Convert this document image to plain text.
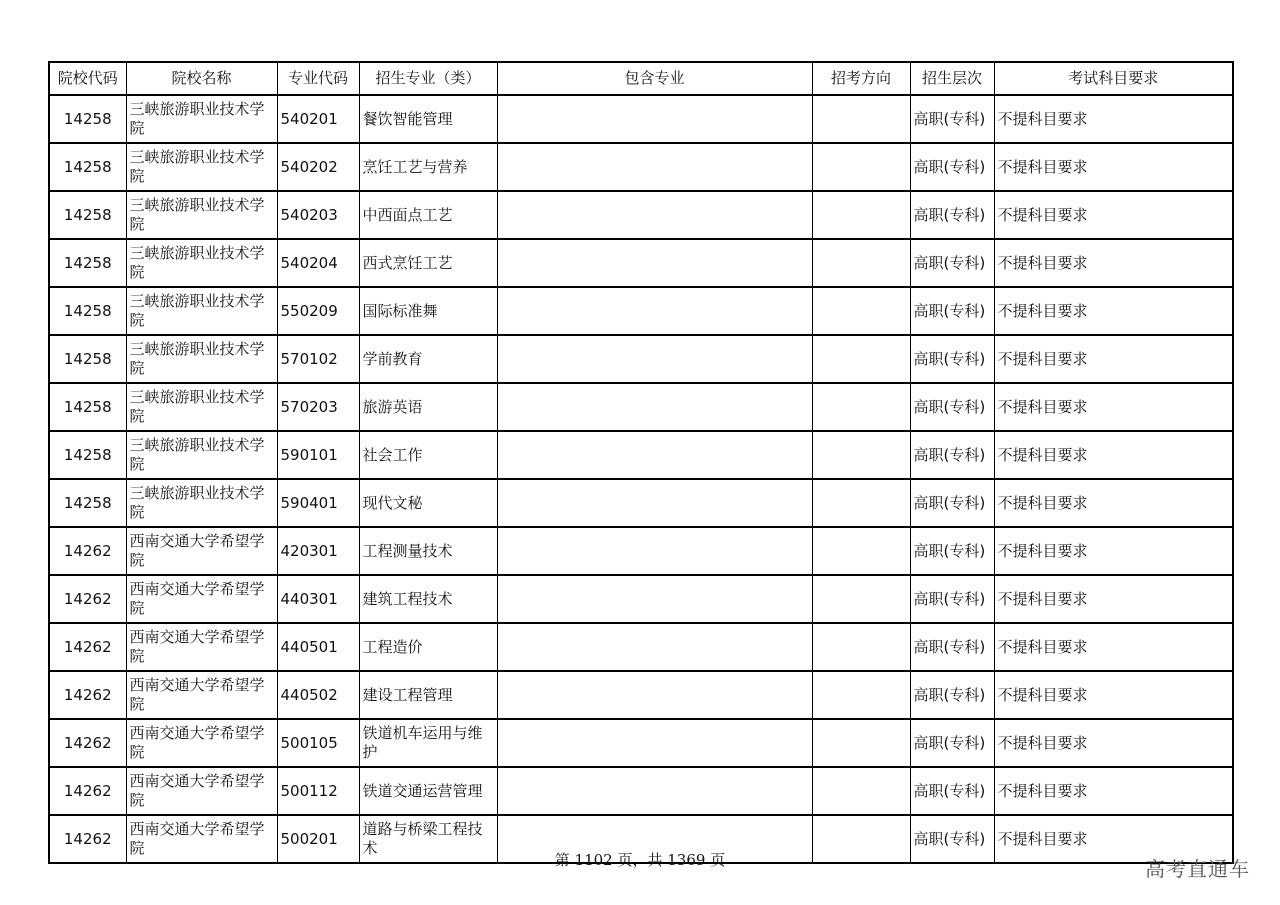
院校代码	院校名称	专业代码	招生专业（类）	包含专业	招考方向	招生层次	考试科目要求
14258	三峡旅游职业技术学院	540201	餐饮智能管理			高职(专科)	不提科目要求
14258	三峡旅游职业技术学院	540202	烹饪工艺与营养			高职(专科)	不提科目要求
14258	三峡旅游职业技术学院	540203	中西面点工艺			高职(专科)	不提科目要求
14258	三峡旅游职业技术学院	540204	西式烹饪工艺			高职(专科)	不提科目要求
14258	三峡旅游职业技术学院	550209	国际标准舞			高职(专科)	不提科目要求
14258	三峡旅游职业技术学院	570102	学前教育			高职(专科)	不提科目要求
14258	三峡旅游职业技术学院	570203	旅游英语			高职(专科)	不提科目要求
14258	三峡旅游职业技术学院	590101	社会工作			高职(专科)	不提科目要求
14258	三峡旅游职业技术学院	590401	现代文秘			高职(专科)	不提科目要求
14262	西南交通大学希望学院	420301	工程测量技术			高职(专科)	不提科目要求
14262	西南交通大学希望学院	440301	建筑工程技术			高职(专科)	不提科目要求
14262	西南交通大学希望学院	440501	工程造价			高职(专科)	不提科目要求
14262	西南交通大学希望学院	440502	建设工程管理			高职(专科)	不提科目要求
14262	西南交通大学希望学院	500105	铁道机车运用与维护			高职(专科)	不提科目要求
14262	西南交通大学希望学院	500112	铁道交通运营管理			高职(专科)	不提科目要求
14262	西南交通大学希望学院	500201	道路与桥梁工程技术			高职(专科)	不提科目要求
第 1102 页，共 1369 页	高考直通车
